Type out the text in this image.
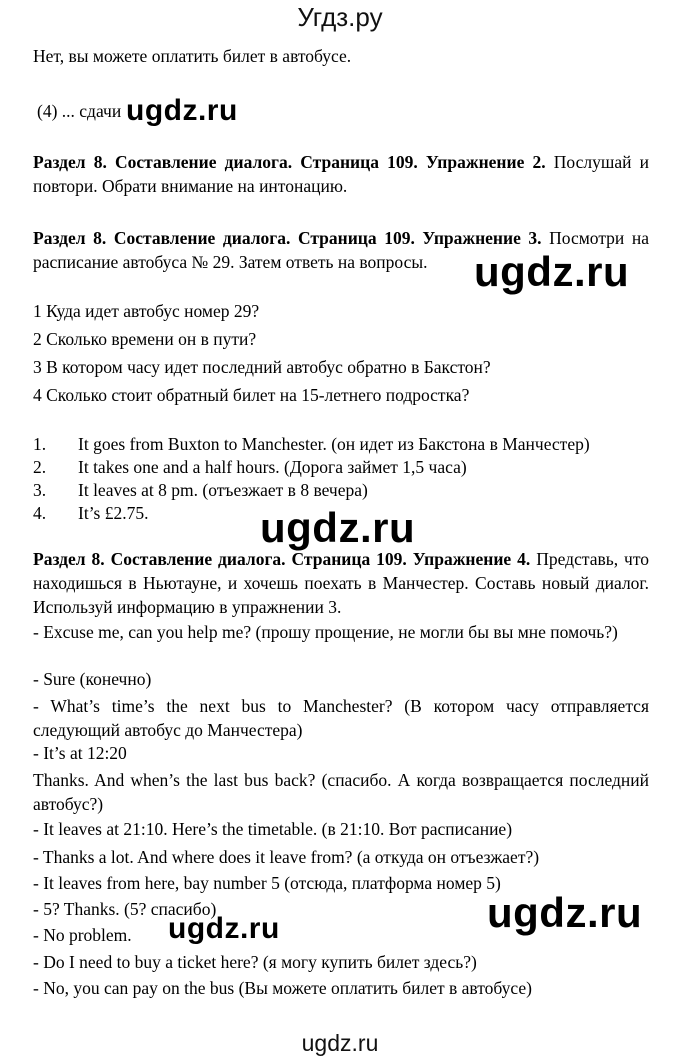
Угдз.ру
Нет, вы можете оплатить билет в автобусе.
(4) ... сдачи
Раздел 8. Составление диалога. Страница 109. Упражнение 2. Послушай и повтори. Обрати внимание на интонацию.
Раздел 8. Составление диалога. Страница 109. Упражнение 3. Посмотри на расписание автобуса № 29. Затем ответь на вопросы.
1 Куда идет автобус номер 29?
2 Сколько времени он в пути?
3 В котором часу идет последний автобус обратно в Бакстон?
4 Сколько стоит обратный билет на 15-летнего подростка?
1. It goes from Buxton to Manchester. (он идет из Бакстона в Манчестер)
2. It takes one and a half hours. (Дорога займет 1,5 часа)
3. It leaves at 8 pm. (отъезжает в 8 вечера)
4. It’s £2.75.
Раздел 8. Составление диалога. Страница 109. Упражнение 4. Представь, что находишься в Ньютауне, и хочешь поехать в Манчестер. Составь новый диалог. Используй информацию в упражнении 3.
- Excuse me, can you help me? (прошу прощение, не могли бы вы мне помочь?)
- Sure (конечно)
- What’s time’s the next bus to Manchester? (В котором часу отправляется следующий автобус до Манчестера)
- It’s at 12:20
Thanks. And when’s the last bus back? (спасибо. А когда возвращается последний автобус?)
- It leaves at 21:10. Here’s the timetable. (в 21:10. Вот расписание)
- Thanks a lot. And where does it leave from? (а откуда он отъезжает?)
- It leaves from here, bay number 5 (отсюда, платформа номер 5)
- 5? Thanks. (5? спасибо)
- No problem.
- Do I need to buy a ticket here? (я могу купить билет здесь?)
- No, you can pay on the bus (Вы можете оплатить билет в автобусе)
ugdz.ru
ugdz.ru
ugdz.ru
ugdz.ru
ugdz.ru
ugdz.ru
